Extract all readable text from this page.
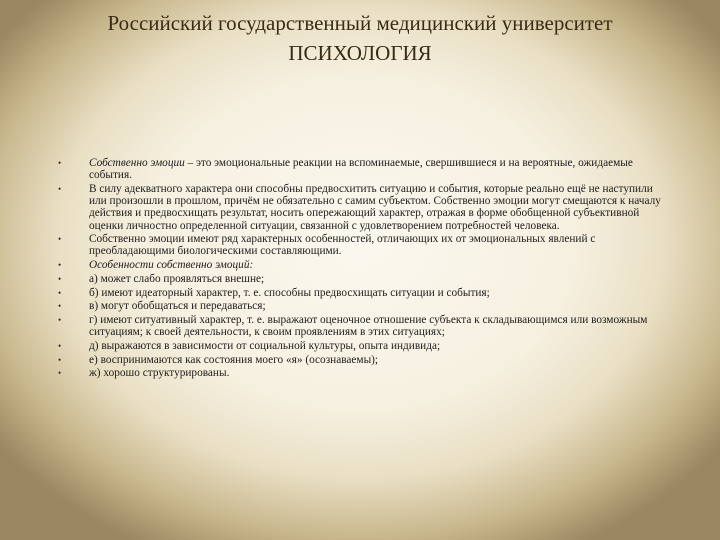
Российский государственный медицинский университет
ПСИХОЛОГИЯ
• Собственно эмоции – это эмоциональные реакции на вспоминаемые, свершившиеся и на вероятные, ожидаемые события.
• В силу адекватного характера они способны предвосхитить ситуацию и события, которые реально ещё не наступили или произошли в прошлом, причём не обязательно с самим субъектом. Собственно эмоции могут смещаются к началу действия и предвосхищать результат, носить опережающий характер, отражая в форме обобщенной субъективной оценки личностно определенной ситуации, связанной с удовлетворением потребностей человека.
• Собственно эмоции имеют ряд характерных особенностей, отличающих их от эмоциональных явлений с преобладающими биологическими составляющими.
• Особенности собственно эмоций:
• а) может слабо проявляться внешне;
• б) имеют идеаторный характер, т. е. способны предвосхищать ситуации и события;
• в) могут обобщаться и передаваться;
• г) имеют ситуативный характер, т. е. выражают оценочное отношение субъекта к складывающимся или возможным ситуациям; к своей деятельности, к своим проявлениям в этих ситуациях;
• д) выражаются в зависимости от социальной культуры, опыта индивида;
• е) воспринимаются как состояния моего «я» (осознаваемы);
• ж) хорошо структурированы.
